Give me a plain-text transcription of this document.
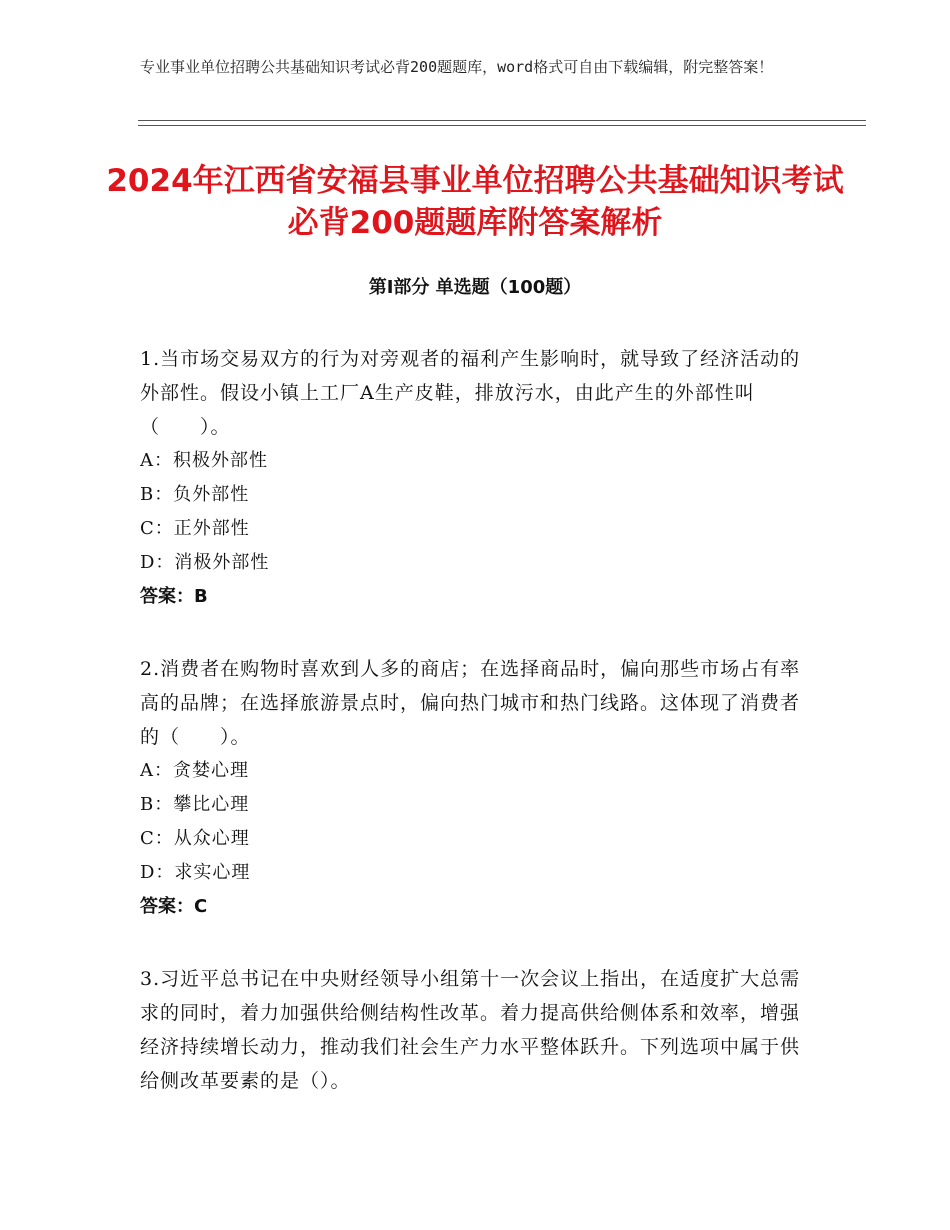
专业事业单位招聘公共基础知识考试必背200题题库，word格式可自由下载编辑，附完整答案！

2024年江西省安福县事业单位招聘公共基础知识考试必背200题题库附答案解析
第Ⅰ部分 单选题（100题）

1.当市场交易双方的行为对旁观者的福利产生影响时，就导致了经济活动的外部性。假设小镇上工厂A生产皮鞋，排放污水，由此产生的外部性叫（　　）。

A：积极外部性
B：负外部性
C：正外部性
D：消极外部性

答案：B

2.消费者在购物时喜欢到人多的商店；在选择商品时，偏向那些市场占有率高的品牌；在选择旅游景点时，偏向热门城市和热门线路。这体现了消费者的（　　）。

A：贪婪心理
B：攀比心理
C：从众心理
D：求实心理

答案：C

3.习近平总书记在中央财经领导小组第十一次会议上指出，在适度扩大总需求的同时，着力加强供给侧结构性改革。着力提高供给侧体系和效率，增强经济持续增长动力，推动我们社会生产力水平整体跃升。下列选项中属于供给侧改革要素的是（）。
